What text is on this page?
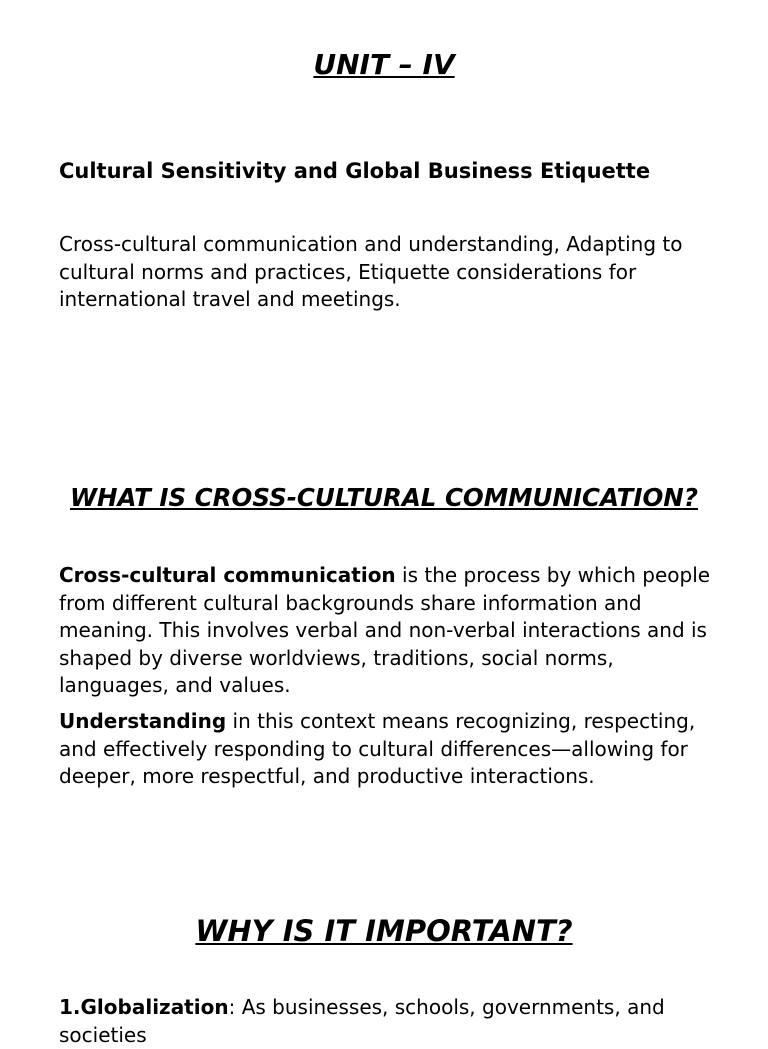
UNIT – IV
Cultural Sensitivity and Global Business Etiquette

Cross-cultural communication and understanding, Adapting to cultural norms and practices, Etiquette considerations for international travel and meetings.

WHAT IS CROSS-CULTURAL COMMUNICATION?

Cross-cultural communication is the process by which people from different cultural backgrounds share information and meaning. This involves verbal and non-verbal interactions and is shaped by diverse worldviews, traditions, social norms, languages, and values.

Understanding in this context means recognizing, respecting, and effectively responding to cultural differences—allowing for deeper, more respectful, and productive interactions.

WHY IS IT IMPORTANT?

1.Globalization: As businesses, schools, governments, and societies
